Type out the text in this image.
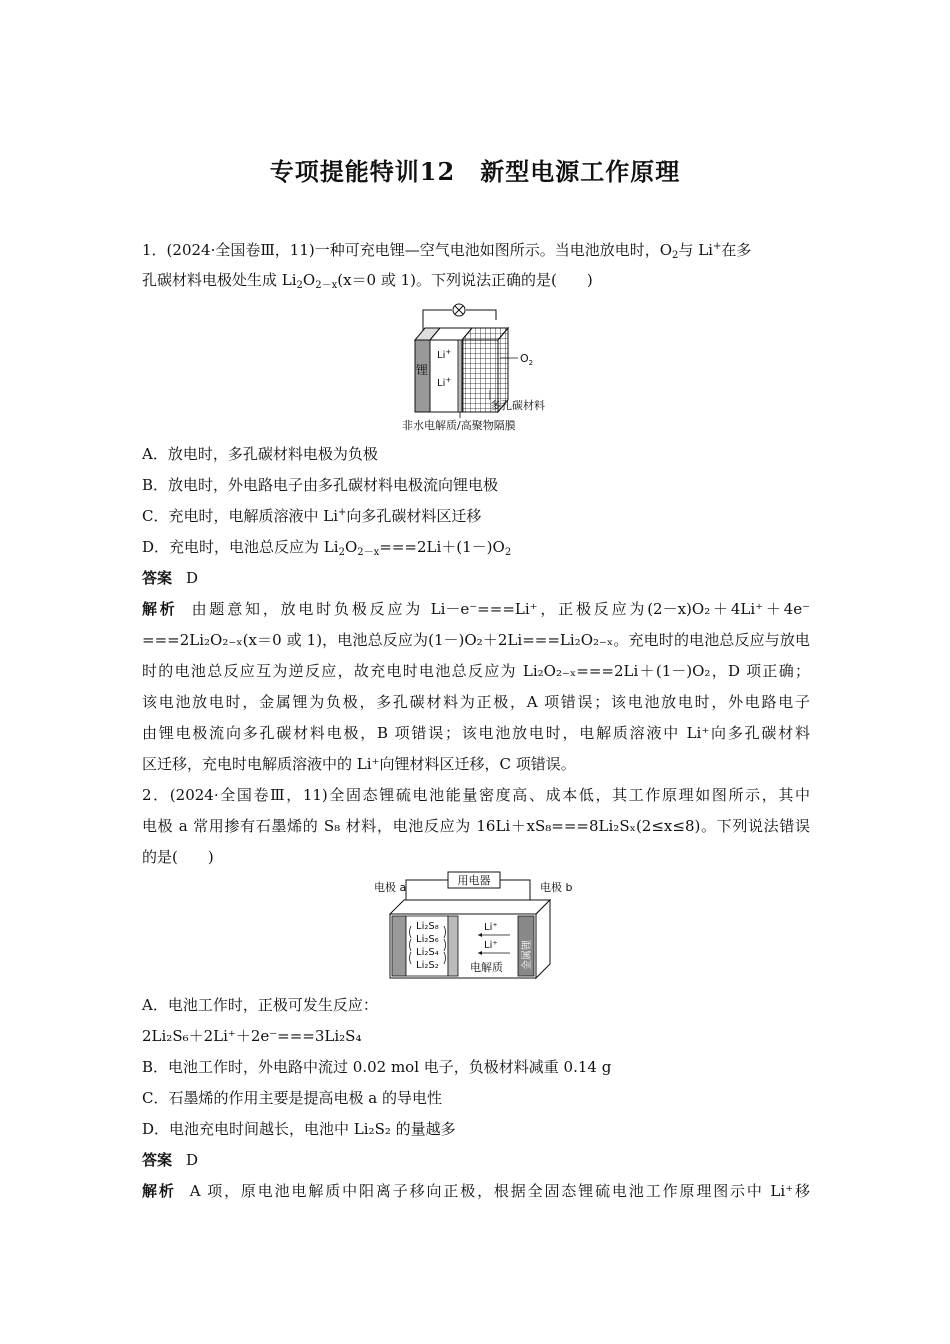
专项提能特训12　新型电源工作原理
1．(2024·全国卷Ⅲ，11)一种可充电锂—空气电池如图所示。当电池放电时，$O_2$与 Li+在多
孔碳材料电极处生成 $Li_2O_{2-x}(x=0$ 或 1)。下列说法正确的是(　　)
锂
Li+
Li+
$O_2$
多孔碳材料
非水电解质/高聚物隔膜
A．放电时，多孔碳材料电极为负极
B．放电时，外电路电子由多孔碳材料电极流向锂电极
C．充电时，电解质溶液中 Li+向多孔碳材料区迁移
D．充电时，电池总反应为 $Li_2O_{2-x}===2Li+(1-)O_2$
答案 D
解析 由题意知，放电时负极反应为 Li－e⁻===Li⁺，正极反应为(2－x)O₂＋4Li⁺＋4e⁻
===2Li₂O₂₋ₓ(x＝0 或 1)，电池总反应为(1－)O₂＋2Li===Li₂O₂₋ₓ。充电时的电池总反应与放电
时的电池总反应互为逆反应，故充电时电池总反应为 Li₂O₂₋ₓ===2Li＋(1－)O₂，D 项正确；
该电池放电时，金属锂为负极，多孔碳材料为正极，A 项错误；该电池放电时，外电路电子
由锂电极流向多孔碳材料电极，B 项错误；该电池放电时，电解质溶液中 Li⁺向多孔碳材料
区迁移，充电时电解质溶液中的 Li⁺向锂材料区迁移，C 项错误。
2．(2024·全国卷Ⅲ，11)全固态锂硫电池能量密度高、成本低，其工作原理如图所示，其中
电极 a 常用掺有石墨烯的 S₈ 材料，电池反应为 16Li＋xS₈===8Li₂Sₓ(2≤x≤8)。下列说法错误
的是(　　)
用电器
电极 a	电极 b
Li₂S₈
Li₂S₆
Li₂S₄
Li₂S₂
Li⁺
Li⁺
电解质 金属锂
A．电池工作时，正极可发生反应：
2Li₂S₆＋2Li⁺＋2e⁻===3Li₂S₄
B．电池工作时，外电路中流过 0.02 mol 电子，负极材料减重 0.14 g
C．石墨烯的作用主要是提高电极 a 的导电性
D．电池充电时间越长，电池中 Li₂S₂ 的量越多
答案 D
解析 A 项，原电池电解质中阳离子移向正极，根据全固态锂硫电池工作原理图示中 Li⁺移
